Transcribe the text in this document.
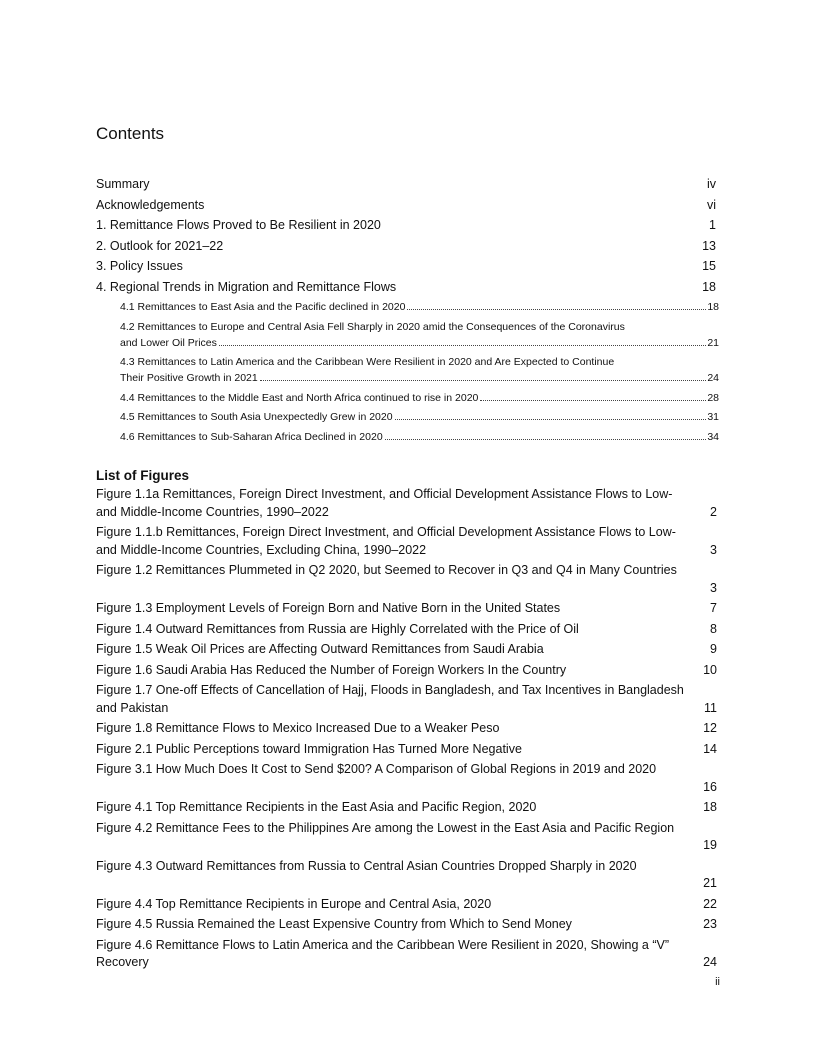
Contents
Summary	iv
Acknowledgements	vi
1. Remittance Flows Proved to Be Resilient in 2020	1
2. Outlook for 2021–22	13
3. Policy Issues	15
4. Regional Trends in Migration and Remittance Flows	18
4.1 Remittances to East Asia and the Pacific declined in 2020	18
4.2 Remittances to Europe and Central Asia Fell Sharply in 2020 amid the Consequences of the Coronavirus
and Lower Oil Prices	21
4.3 Remittances to Latin America and the Caribbean Were Resilient in 2020 and Are Expected to Continue
Their Positive Growth in 2021	24
4.4 Remittances to the Middle East and North Africa continued to rise in 2020	28
4.5 Remittances to South Asia Unexpectedly Grew in 2020	31
4.6 Remittances to Sub-Saharan Africa Declined in 2020	34
List of Figures
Figure 1.1a Remittances, Foreign Direct Investment, and Official Development Assistance Flows to Low-
and Middle-Income Countries, 1990–2022	2
Figure 1.1.b Remittances, Foreign Direct Investment, and Official Development Assistance Flows to Low-
and Middle-Income Countries, Excluding China, 1990–2022	3
Figure 1.2 Remittances Plummeted in Q2 2020, but Seemed to Recover in Q3 and Q4 in Many Countries
3
Figure 1.3 Employment Levels of Foreign Born and Native Born in the United States	7
Figure 1.4 Outward Remittances from Russia are Highly Correlated with the Price of Oil	8
Figure 1.5 Weak Oil Prices are Affecting Outward Remittances from Saudi Arabia	9
Figure 1.6 Saudi Arabia Has Reduced the Number of Foreign Workers In the Country	10
Figure 1.7 One-off Effects of Cancellation of Hajj, Floods in Bangladesh, and Tax Incentives in Bangladesh
and Pakistan	11
Figure 1.8 Remittance Flows to Mexico Increased Due to a Weaker Peso	12
Figure 2.1 Public Perceptions toward Immigration Has Turned More Negative	14
Figure 3.1 How Much Does It Cost to Send $200? A Comparison of Global Regions in 2019 and 2020
16
Figure 4.1 Top Remittance Recipients in the East Asia and Pacific Region, 2020	18
Figure 4.2 Remittance Fees to the Philippines Are among the Lowest in the East Asia and Pacific Region
19
Figure 4.3 Outward Remittances from Russia to Central Asian Countries Dropped Sharply in 2020
21
Figure 4.4 Top Remittance Recipients in Europe and Central Asia, 2020	22
Figure 4.5 Russia Remained the Least Expensive Country from Which to Send Money	23
Figure 4.6 Remittance Flows to Latin America and the Caribbean Were Resilient in 2020, Showing a “V”
Recovery	24
ii
